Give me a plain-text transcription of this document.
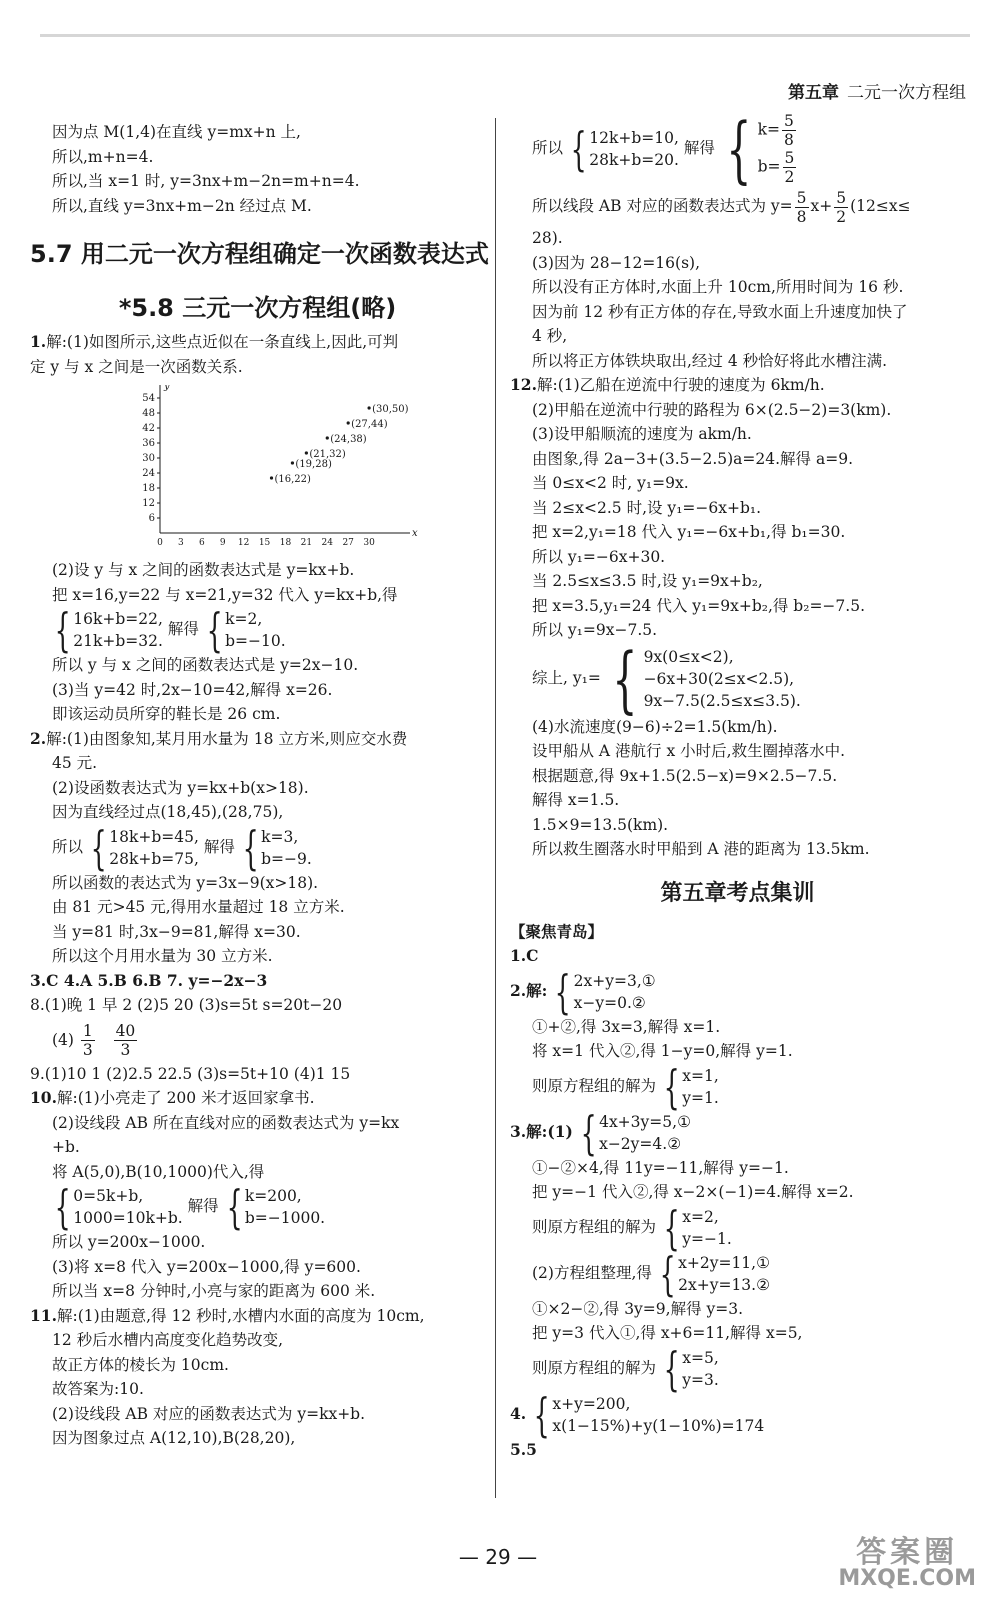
第五章 二元一次方程组
因为点 M(1,4)在直线 y=mx+n 上,
所以,m+n=4.
所以,当 x=1 时, y=3nx+m−2n=m+n=4.
所以,直线 y=3nx+m−2n 经过点 M.
5.7 用二元一次方程组确定一次函数表达式
*5.8 三元一次方程组(略)
1.解:(1)如图所示,这些点近似在一条直线上,因此,可判
定 y 与 x 之间是一次函数关系.
x
y
0 3 6 9 12 15 18 21 24 27 30
6
12
18
24
30
36
42
48
54
(16,22)
(19,28)
(21,32)
(24,38)
(27,44)
(30,50)
(2)设 y 与 x 之间的函数表达式是 y=kx+b.
把 x=16,y=22 与 x=21,y=32 代入 y=kx+b,得
{ 16k+b=22,
21k+b=32.
解得 { k=2,
b=−10.
所以 y 与 x 之间的函数表达式是 y=2x−10.
(3)当 y=42 时,2x−10=42,解得 x=26.
即该运动员所穿的鞋长是 26 cm.
2.解:(1)由图象知,某月用水量为 18 立方米,则应交水费
45 元.
(2)设函数表达式为 y=kx+b(x>18).
因为直线经过点(18,45),(28,75),
所以 { 18k+b=45,
28k+b=75,
解得 { k=3,
b=−9.
所以函数的表达式为 y=3x−9(x>18).
由 81 元>45 元,得用水量超过 18 立方米.
当 y=81 时,3x−9=81,解得 x=30.
所以这个月用水量为 30 立方米.
3.C 4.A 5.B 6.B 7. y=−2x−3
8.(1)晚 1 早 2 (2)5 20 (3)s=5t s=20t−20
$(4) \frac{1}{3}$
$\frac{40}{3}$
9.(1)10 1 (2)2.5 22.5 (3)s=5t+10 (4)1 15
10.解:(1)小亮走了 200 米才返回家拿书.
(2)设线段 AB 所在直线对应的函数表达式为 y=kx
+b.
将 A(5,0),B(10,1000)代入,得
{ 0=5k+b,
1000=10k+b.
解得 { k=200,
b=−1000.
所以 y=200x−1000.
(3)将 x=8 代入 y=200x−1000,得 y=600.
所以当 x=8 分钟时,小亮与家的距离为 600 米.
11.解:(1)由题意,得 12 秒时,水槽内水面的高度为 10cm,
12 秒后水槽内高度变化趋势改变,
故正方体的棱长为 10cm.
故答案为:10.
(2)设线段 AB 对应的函数表达式为 y=kx+b.
因为图象过点 A(12,10),B(28,20),
所以 { 12k+b=10,
28k+b=20.
解得 { $k= \frac{5}{8}$
$b= \frac{5}{2}$
所以线段 AB 对应的函数表达式为 $y= \frac{5}{8} x+ \frac{5}{2} (12\le x\le$
28).
(3)因为 28−12=16(s),
所以没有正方体时,水面上升 10cm,所用时间为 16 秒.
因为前 12 秒有正方体的存在,导致水面上升速度加快了
4 秒,
所以将正方体铁块取出,经过 4 秒恰好将此水槽注满.
12.解:(1)乙船在逆流中行驶的速度为 6km/h.
(2)甲船在逆流中行驶的路程为 6×(2.5−2)=3(km).
(3)设甲船顺流的速度为 akm/h.
由图象,得 2a−3+(3.5−2.5)a=24.解得 a=9.
当 0≤x<2 时, y₁=9x.
当 2≤x<2.5 时,设 y₁=−6x+b₁.
把 x=2,y₁=18 代入 y₁=−6x+b₁,得 b₁=30.
所以 y₁=−6x+30.
当 2.5≤x≤3.5 时,设 y₁=9x+b₂,
把 x=3.5,y₁=24 代入 y₁=9x+b₂,得 b₂=−7.5.
所以 y₁=9x−7.5.
综上, y₁= { 9x(0≤x<2),
−6x+30(2≤x<2.5),
9x−7.5(2.5≤x≤3.5).
(4)水流速度(9−6)÷2=1.5(km/h).
设甲船从 A 港航行 x 小时后,救生圈掉落水中.
根据题意,得 9x+1.5(2.5−x)=9×2.5−7.5.
解得 x=1.5.
1.5×9=13.5(km).
所以救生圈落水时甲船到 A 港的距离为 13.5km.
第五章考点集训
【聚焦青岛】
1.C
2.解: { 2x+y=3,①
x−y=0.②
①+②,得 3x=3,解得 x=1.
将 x=1 代入②,得 1−y=0,解得 y=1.
则原方程组的解为 { x=1,
y=1.
3.解:(1) { 4x+3y=5,①
x−2y=4.②
①−②×4,得 11y=−11,解得 y=−1.
把 y=−1 代入②,得 x−2×(−1)=4.解得 x=2.
则原方程组的解为 { x=2,
y=−1.
(2)方程组整理,得 { x+2y=11,①
2x+y=13.②
①×2−②,得 3y=9,解得 y=3.
把 y=3 代入①,得 x+6=11,解得 x=5,
则原方程组的解为 { x=5,
y=3.
4. { x+y=200,
x(1−15%)+y(1−10%)=174
5.5
— 29 —	答案圈
MXQE.COM
